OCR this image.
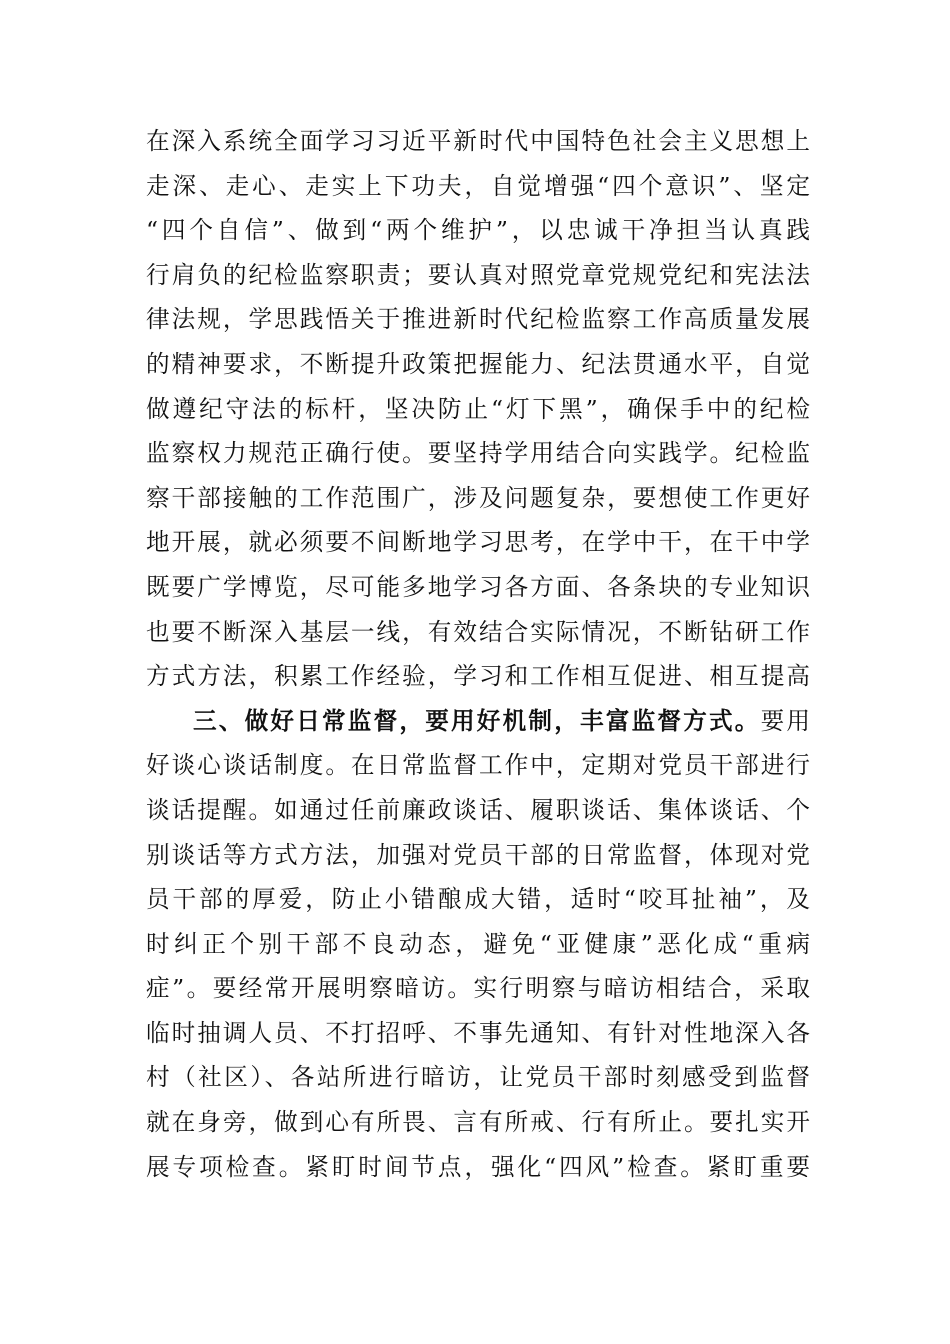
在深入系统全面学习习近平新时代中国特色社会主义思想上
走深、走心、走实上下功夫，自觉增强“四个意识”、坚定
“四个自信”、做到“两个维护”，以忠诚干净担当认真践
行肩负的纪检监察职责；要认真对照党章党规党纪和宪法法
律法规，学思践悟关于推进新时代纪检监察工作高质量发展
的精神要求，不断提升政策把握能力、纪法贯通水平，自觉
做遵纪守法的标杆，坚决防止“灯下黑”，确保手中的纪检
监察权力规范正确行使。要坚持学用结合向实践学。纪检监
察干部接触的工作范围广，涉及问题复杂，要想使工作更好
地开展，就必须要不间断地学习思考，在学中干，在干中学
既要广学博览，尽可能多地学习各方面、各条块的专业知识
也要不断深入基层一线，有效结合实际情况，不断钻研工作
方式方法，积累工作经验，学习和工作相互促进、相互提高
三、做好日常监督，要用好机制，丰富监督方式。要用
好谈心谈话制度。在日常监督工作中，定期对党员干部进行
谈话提醒。如通过任前廉政谈话、履职谈话、集体谈话、个
别谈话等方式方法，加强对党员干部的日常监督，体现对党
员干部的厚爱，防止小错酿成大错，适时“咬耳扯袖”，及
时纠正个别干部不良动态，避免“亚健康”恶化成“重病
症”。要经常开展明察暗访。实行明察与暗访相结合，采取
临时抽调人员、不打招呼、不事先通知、有针对性地深入各
村（社区）、各站所进行暗访，让党员干部时刻感受到监督
就在身旁，做到心有所畏、言有所戒、行有所止。要扎实开
展专项检查。紧盯时间节点，强化“四风”检查。紧盯重要
